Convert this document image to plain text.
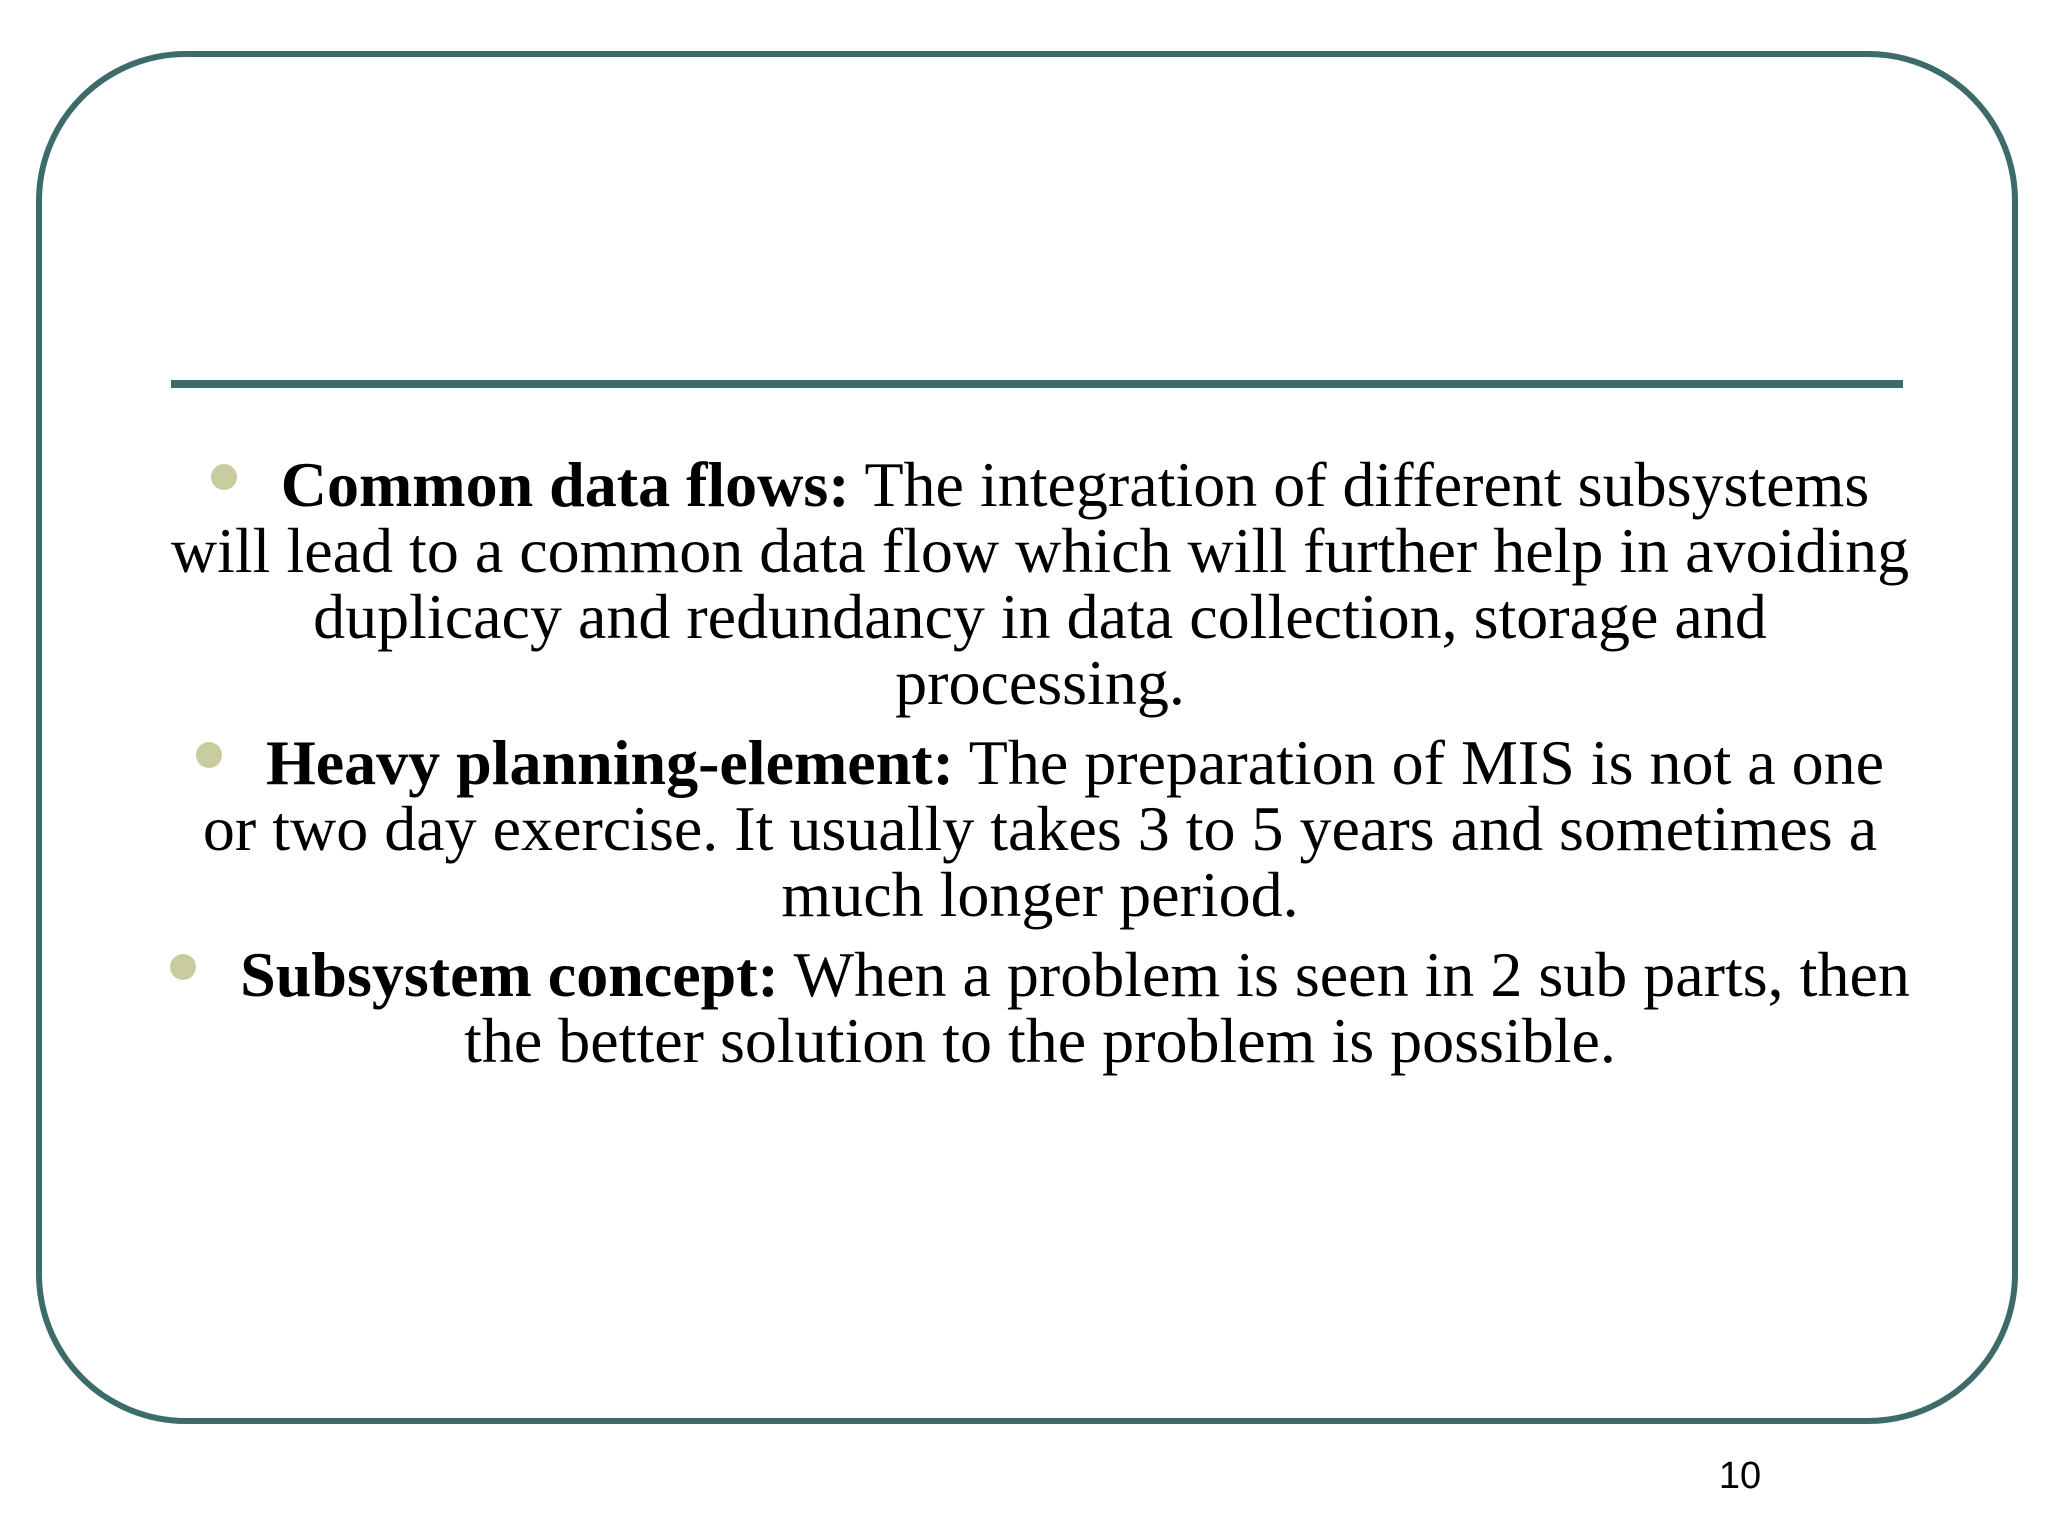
Common data flows: The integration of different subsystems will lead to a common data flow which will further help in avoiding duplicacy and redundancy in data collection, storage and processing.
Heavy planning-element: The preparation of MIS is not a one or two day exercise. It usually takes 3 to 5 years and sometimes a much longer period.
Subsystem concept: When a problem is seen in 2 sub parts, then the better solution to the problem is possible.
10
